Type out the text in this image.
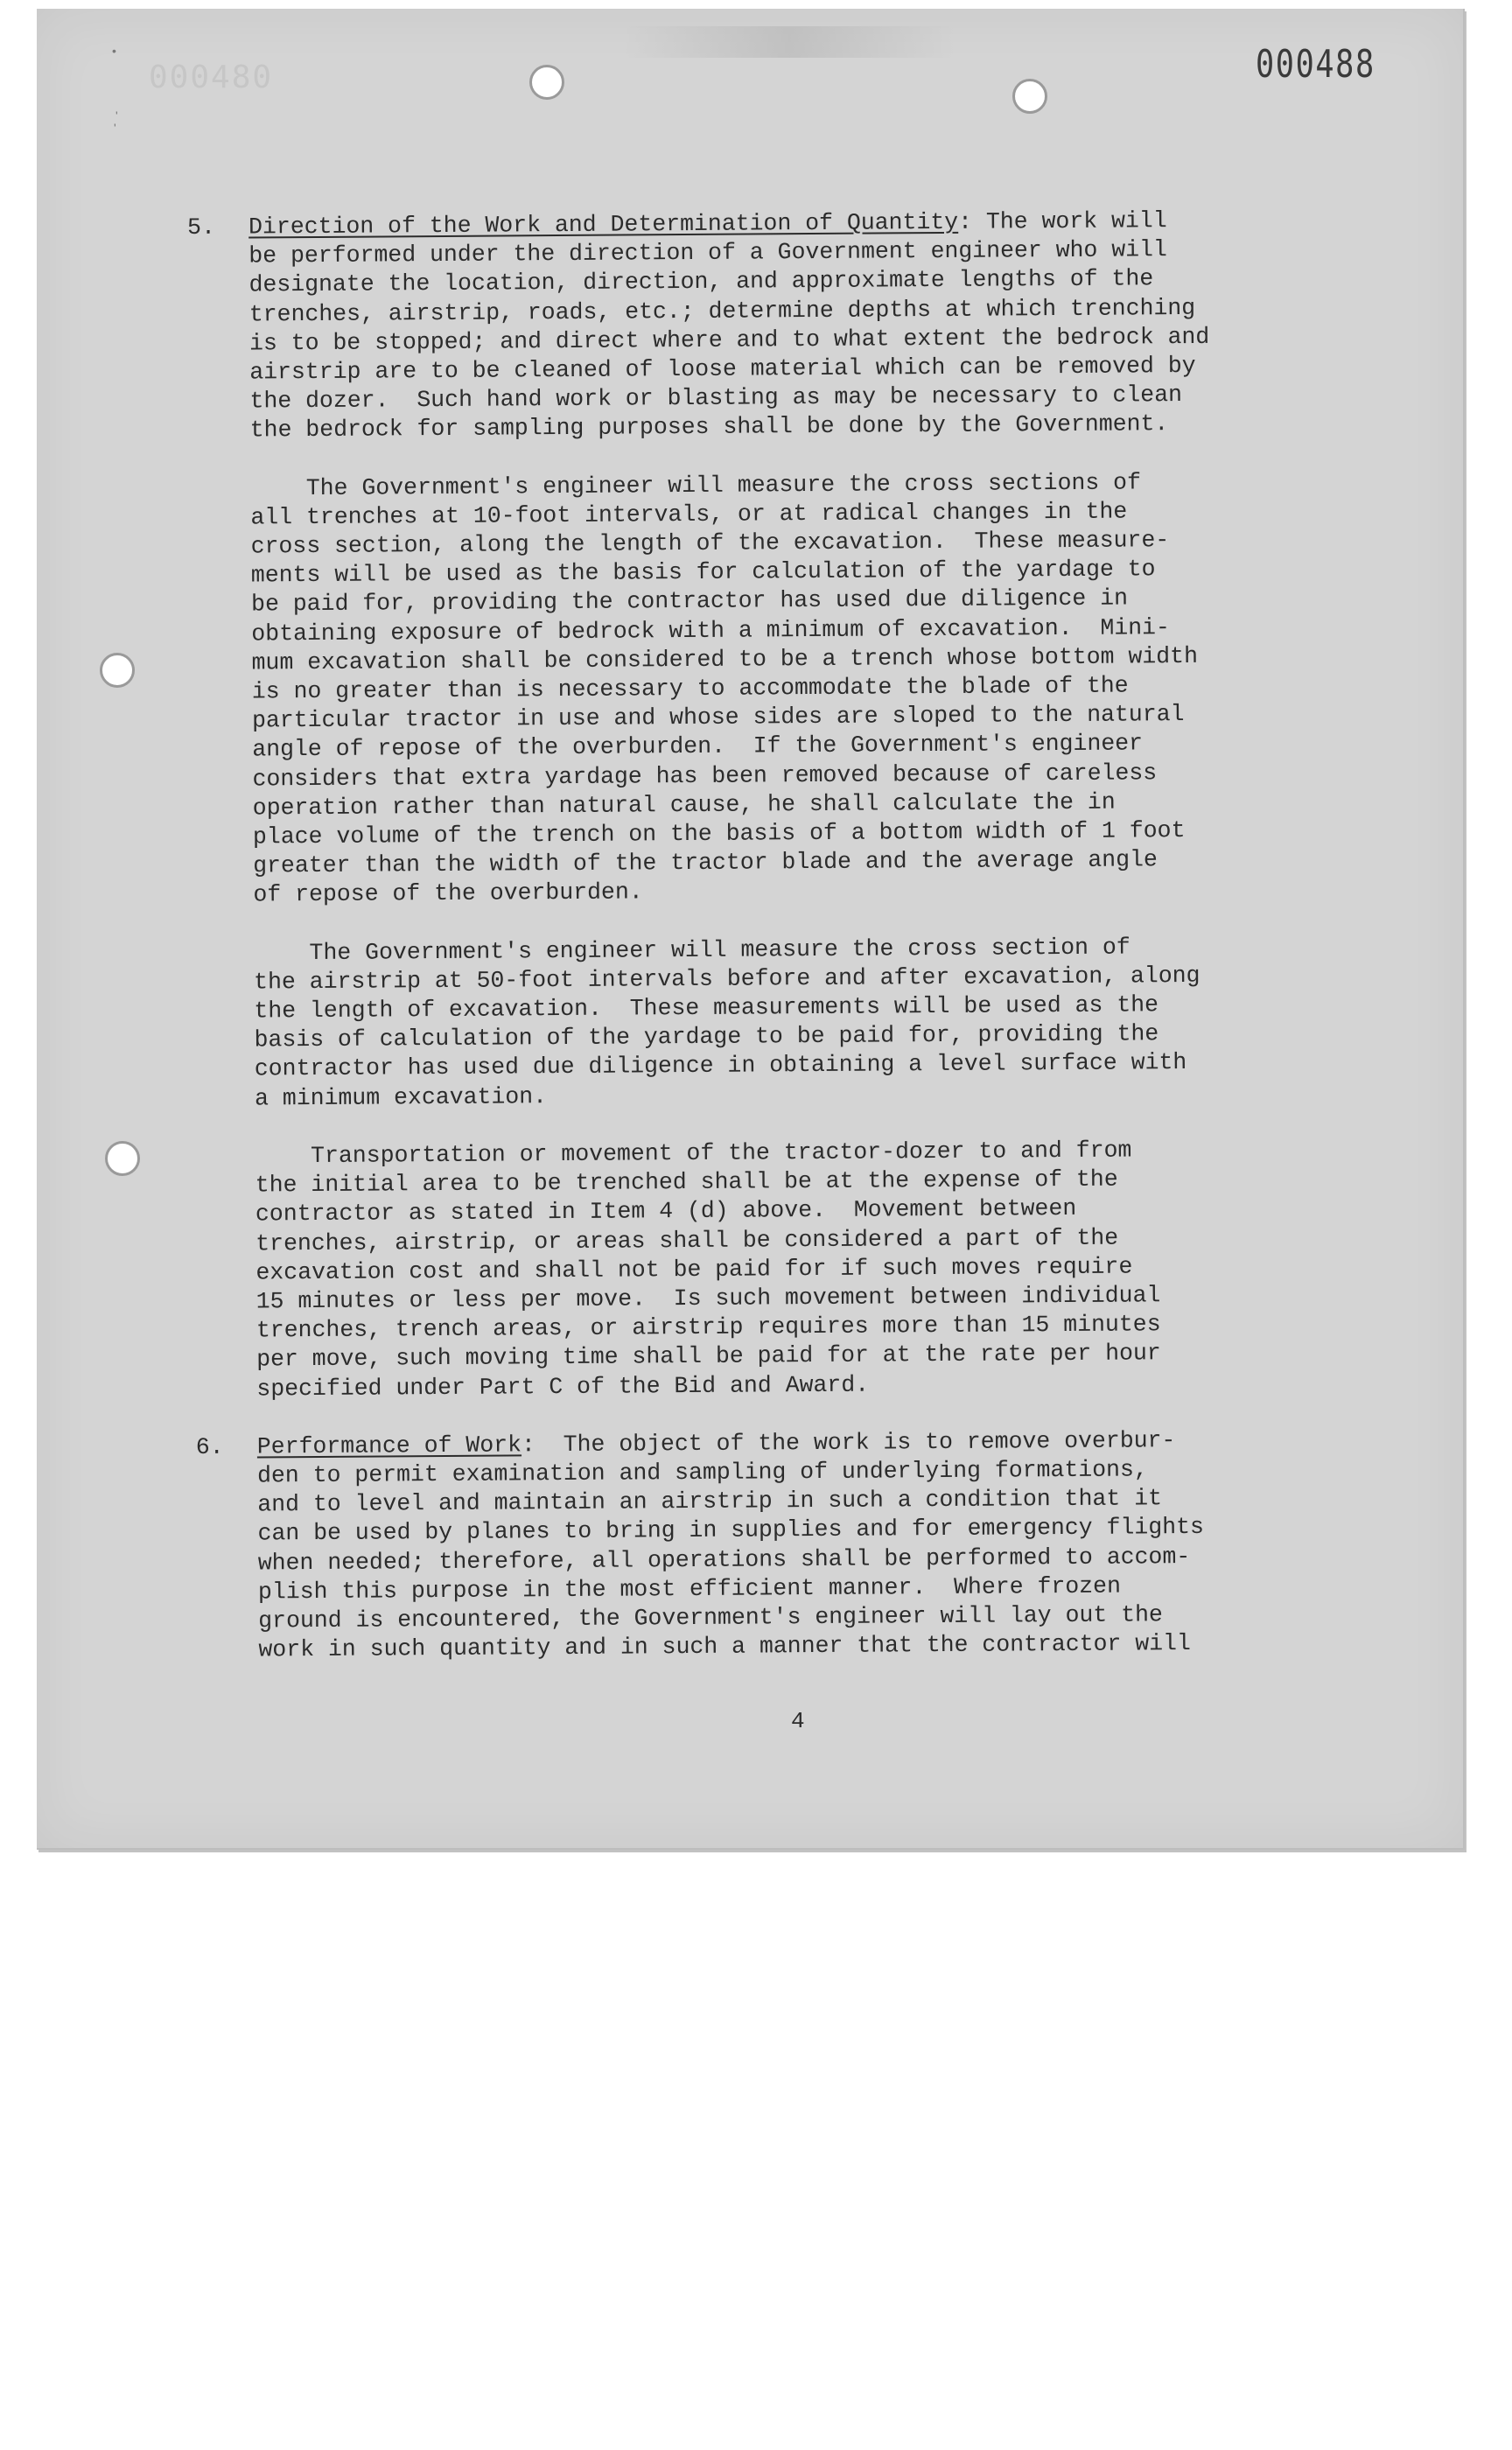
000480	000488
•
'
'
4
5. Direction of the Work and Determination of Quantity: The work will
be performed under the direction of a Government engineer who will
designate the location, direction, and approximate lengths of the
trenches, airstrip, roads, etc.; determine depths at which trenching
is to be stopped; and direct where and to what extent the bedrock and
airstrip are to be cleaned of loose material which can be removed by
the dozer.  Such hand work or blasting as may be necessary to clean
the bedrock for sampling purposes shall be done by the Government.
The Government's engineer will measure the cross sections of
all trenches at 10-foot intervals, or at radical changes in the
cross section, along the length of the excavation.  These measure-
ments will be used as the basis for calculation of the yardage to
be paid for, providing the contractor has used due diligence in
obtaining exposure of bedrock with a minimum of excavation.  Mini-
mum excavation shall be considered to be a trench whose bottom width
is no greater than is necessary to accommodate the blade of the
particular tractor in use and whose sides are sloped to the natural
angle of repose of the overburden.  If the Government's engineer
considers that extra yardage has been removed because of careless
operation rather than natural cause, he shall calculate the in
place volume of the trench on the basis of a bottom width of 1 foot
greater than the width of the tractor blade and the average angle
of repose of the overburden.
The Government's engineer will measure the cross section of
the airstrip at 50-foot intervals before and after excavation, along
the length of excavation.  These measurements will be used as the
basis of calculation of the yardage to be paid for, providing the
contractor has used due diligence in obtaining a level surface with
a minimum excavation.
Transportation or movement of the tractor-dozer to and from
the initial area to be trenched shall be at the expense of the
contractor as stated in Item 4 (d) above.  Movement between
trenches, airstrip, or areas shall be considered a part of the
excavation cost and shall not be paid for if such moves require
15 minutes or less per move.  Is such movement between individual
trenches, trench areas, or airstrip requires more than 15 minutes
per move, such moving time shall be paid for at the rate per hour
specified under Part C of the Bid and Award.
6. Performance of Work:  The object of the work is to remove overbur-
den to permit examination and sampling of underlying formations,
and to level and maintain an airstrip in such a condition that it
can be used by planes to bring in supplies and for emergency flights
when needed; therefore, all operations shall be performed to accom-
plish this purpose in the most efficient manner.  Where frozen
ground is encountered, the Government's engineer will lay out the
work in such quantity and in such a manner that the contractor will
